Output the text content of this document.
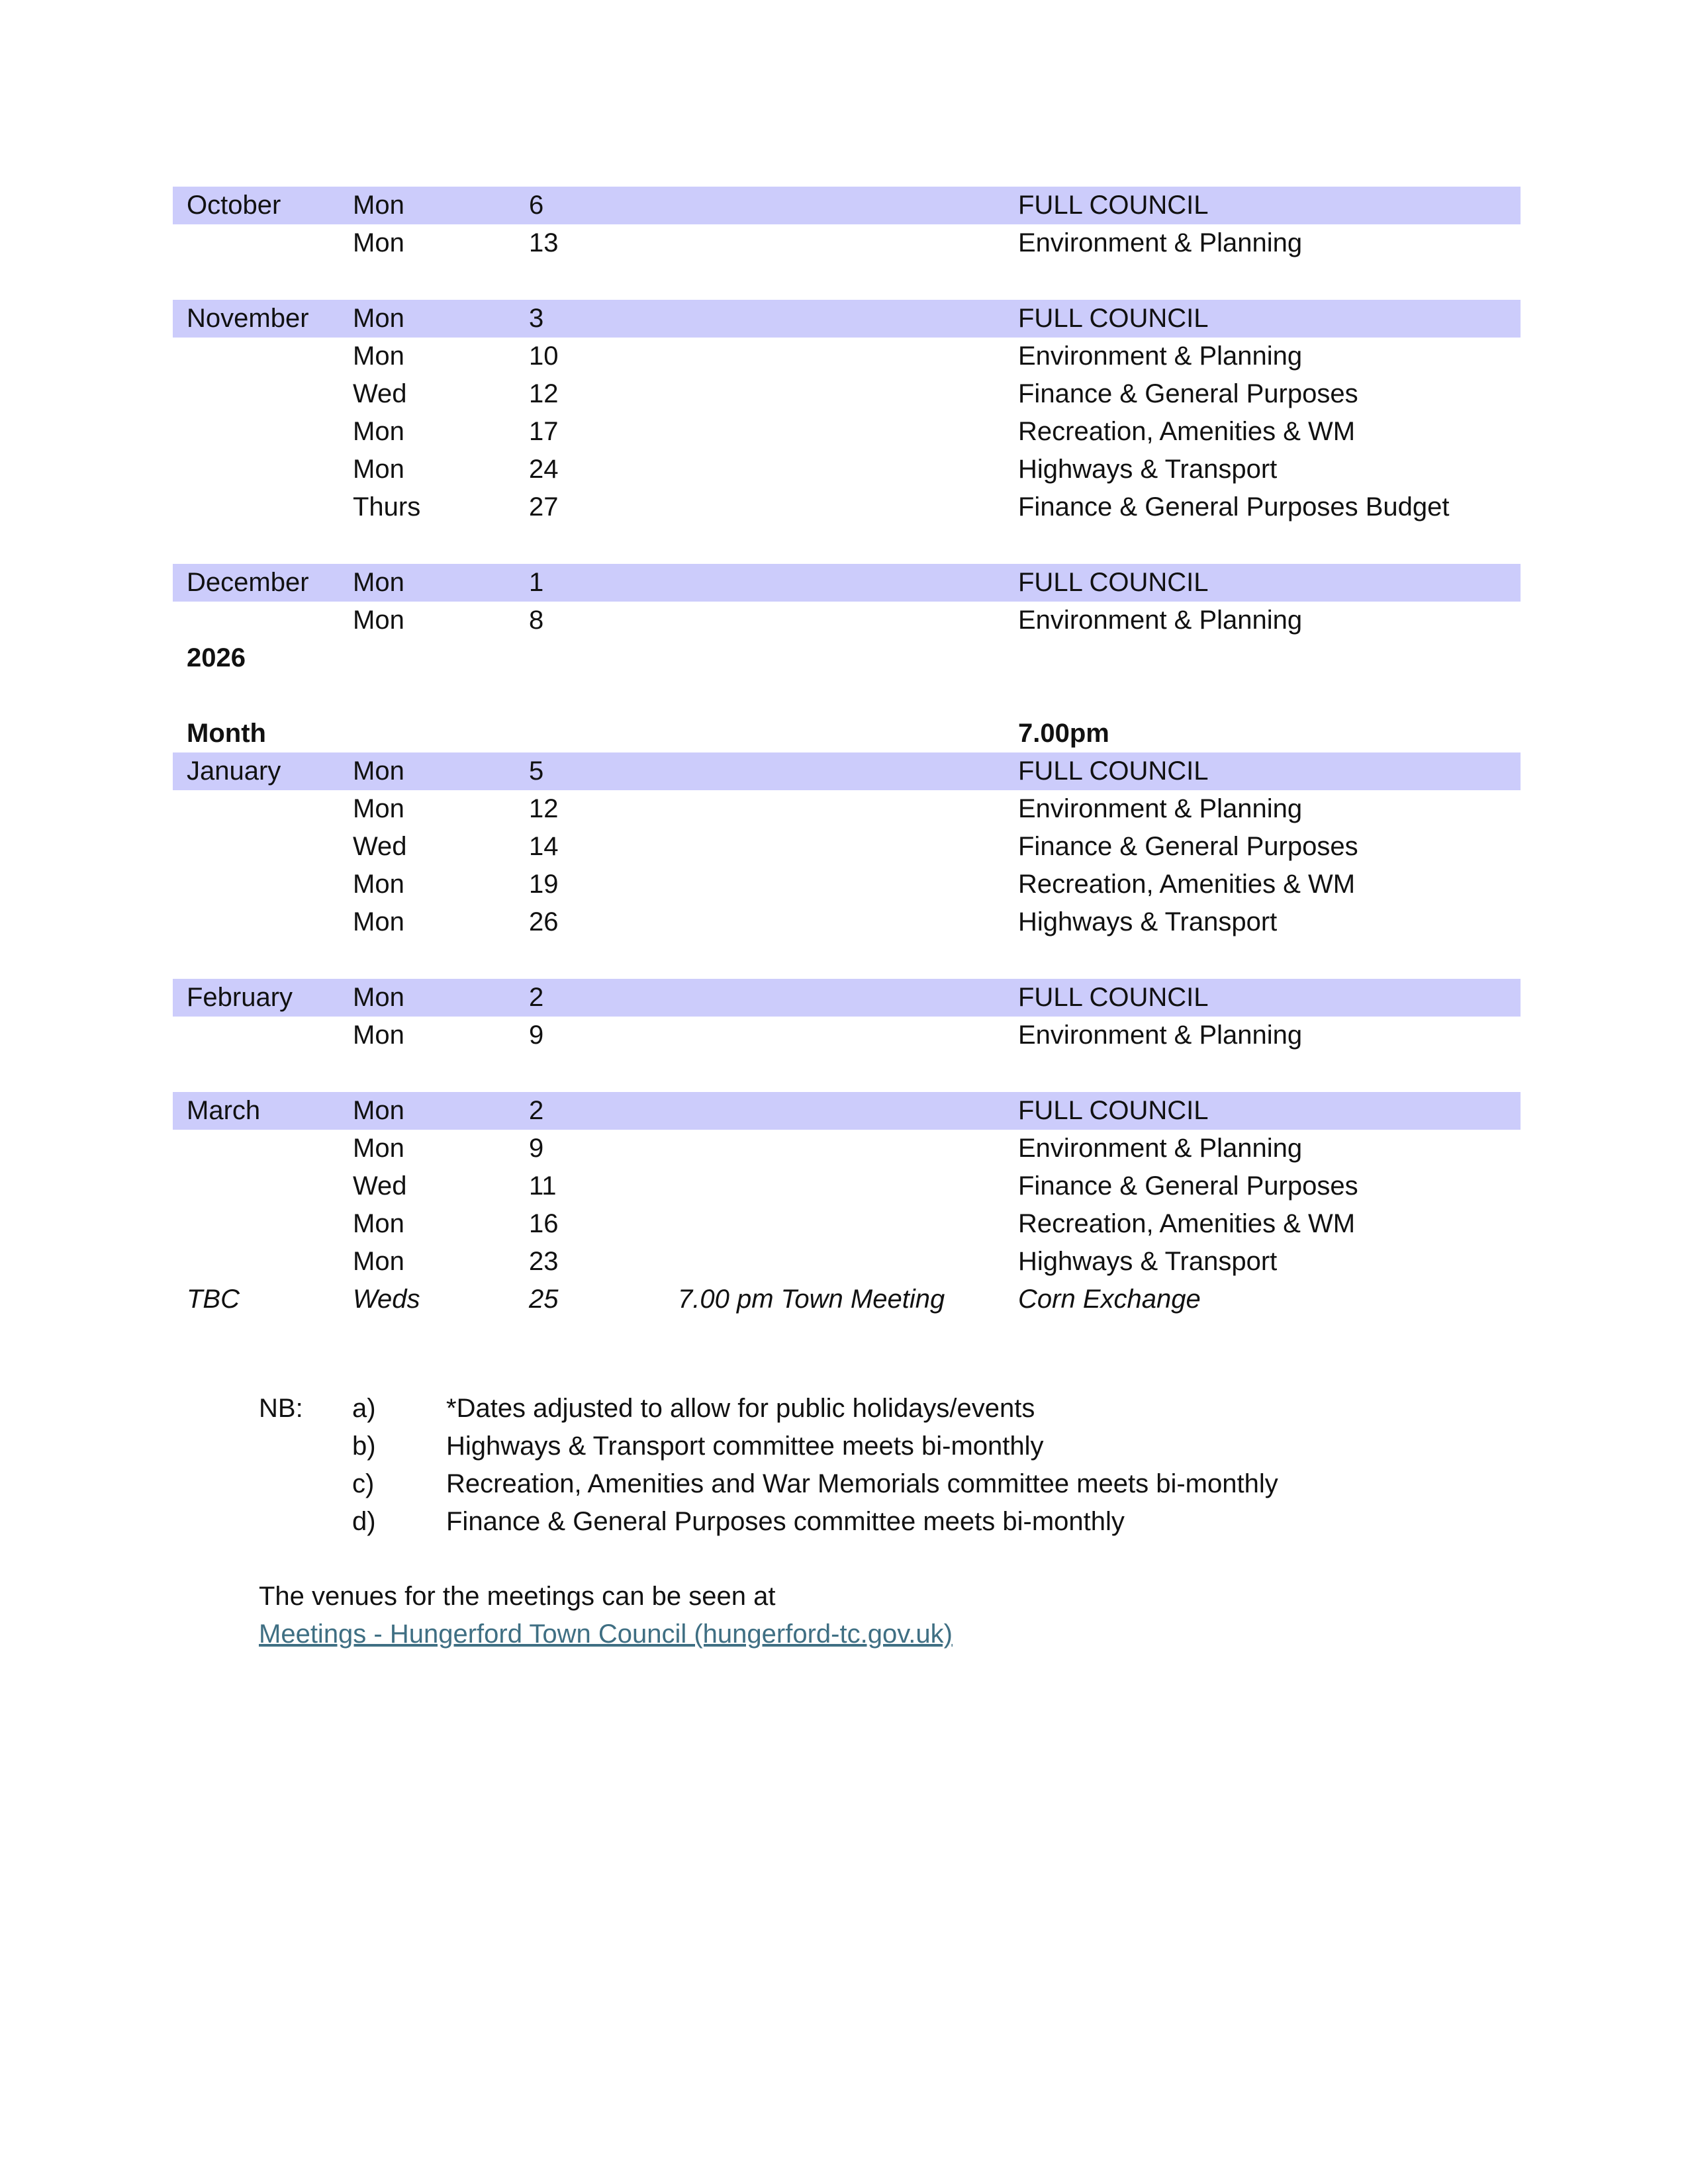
October	Mon	6	FULL COUNCIL
Mon	13	Environment & Planning
November Mon	3	FULL COUNCIL
Mon	10	Environment & Planning
Wed	12	Finance & General Purposes
Mon	17	Recreation, Amenities & WM
Mon	24	Highways & Transport
Thurs	27	Finance & General Purposes Budget
December Mon	1	FULL COUNCIL
Mon	8	Environment & Planning
2026
Month	7.00pm
January	Mon	5	FULL COUNCIL
Mon	12	Environment & Planning
Wed	14	Finance & General Purposes
Mon	19	Recreation, Amenities & WM
Mon	26	Highways & Transport
February Mon	2	FULL COUNCIL
Mon	9	Environment & Planning
March	Mon	2	FULL COUNCIL
Mon	9	Environment & Planning
Wed	11	Finance & General Purposes
Mon	16	Recreation, Amenities & WM
Mon	23	Highways & Transport
TBC	Weds	25	7.00 pm Town Meeting	Corn Exchange
NB: a)	*Dates adjusted to allow for public holidays/events
b)	Highways & Transport committee meets bi-monthly
c)	Recreation, Amenities and War Memorials committee meets bi-monthly
d)	Finance & General Purposes committee meets bi-monthly
The venues for the meetings can be seen at
Meetings - Hungerford Town Council (hungerford-tc.gov.uk)
